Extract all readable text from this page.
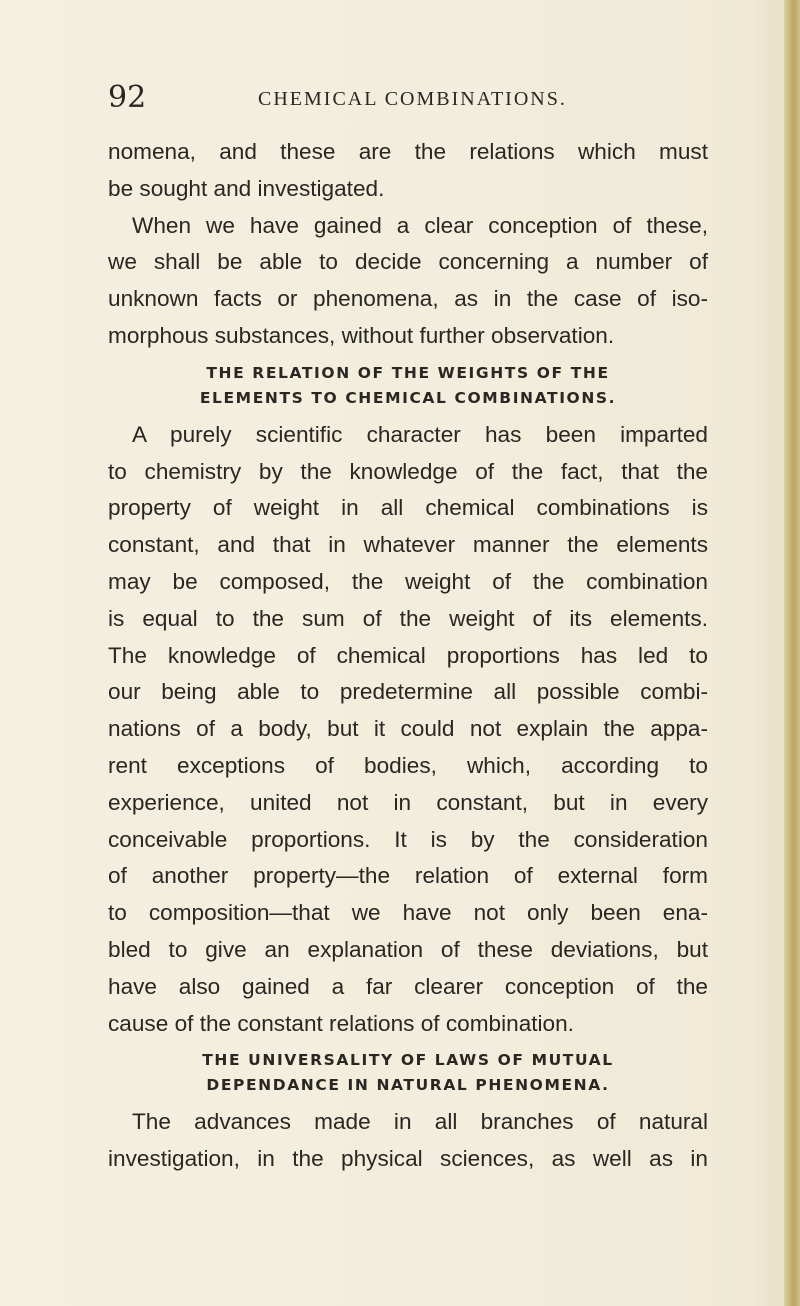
92	CHEMICAL COMBINATIONS.
nomena, and these are the relations which must
be sought and investigated.
When we have gained a clear conception of these,
we shall be able to decide concerning a number of
unknown facts or phenomena, as in the case of iso-
morphous substances, without further observation.
THE RELATION OF THE WEIGHTS OF THE
ELEMENTS TO CHEMICAL COMBINATIONS.
A purely scientific character has been imparted
to chemistry by the knowledge of the fact, that the
property of weight in all chemical combinations is
constant, and that in whatever manner the elements
may be composed, the weight of the combination
is equal to the sum of the weight of its elements.
The knowledge of chemical proportions has led to
our being able to predetermine all possible combi-
nations of a body, but it could not explain the appa-
rent exceptions of bodies, which, according to
experience, united not in constant, but in every
conceivable proportions. It is by the consideration
of another property—the relation of external form
to composition—that we have not only been ena-
bled to give an explanation of these deviations, but
have also gained a far clearer conception of the
cause of the constant relations of combination.
THE UNIVERSALITY OF LAWS OF MUTUAL
DEPENDANCE IN NATURAL PHENOMENA.
The advances made in all branches of natural
investigation, in the physical sciences, as well as in
